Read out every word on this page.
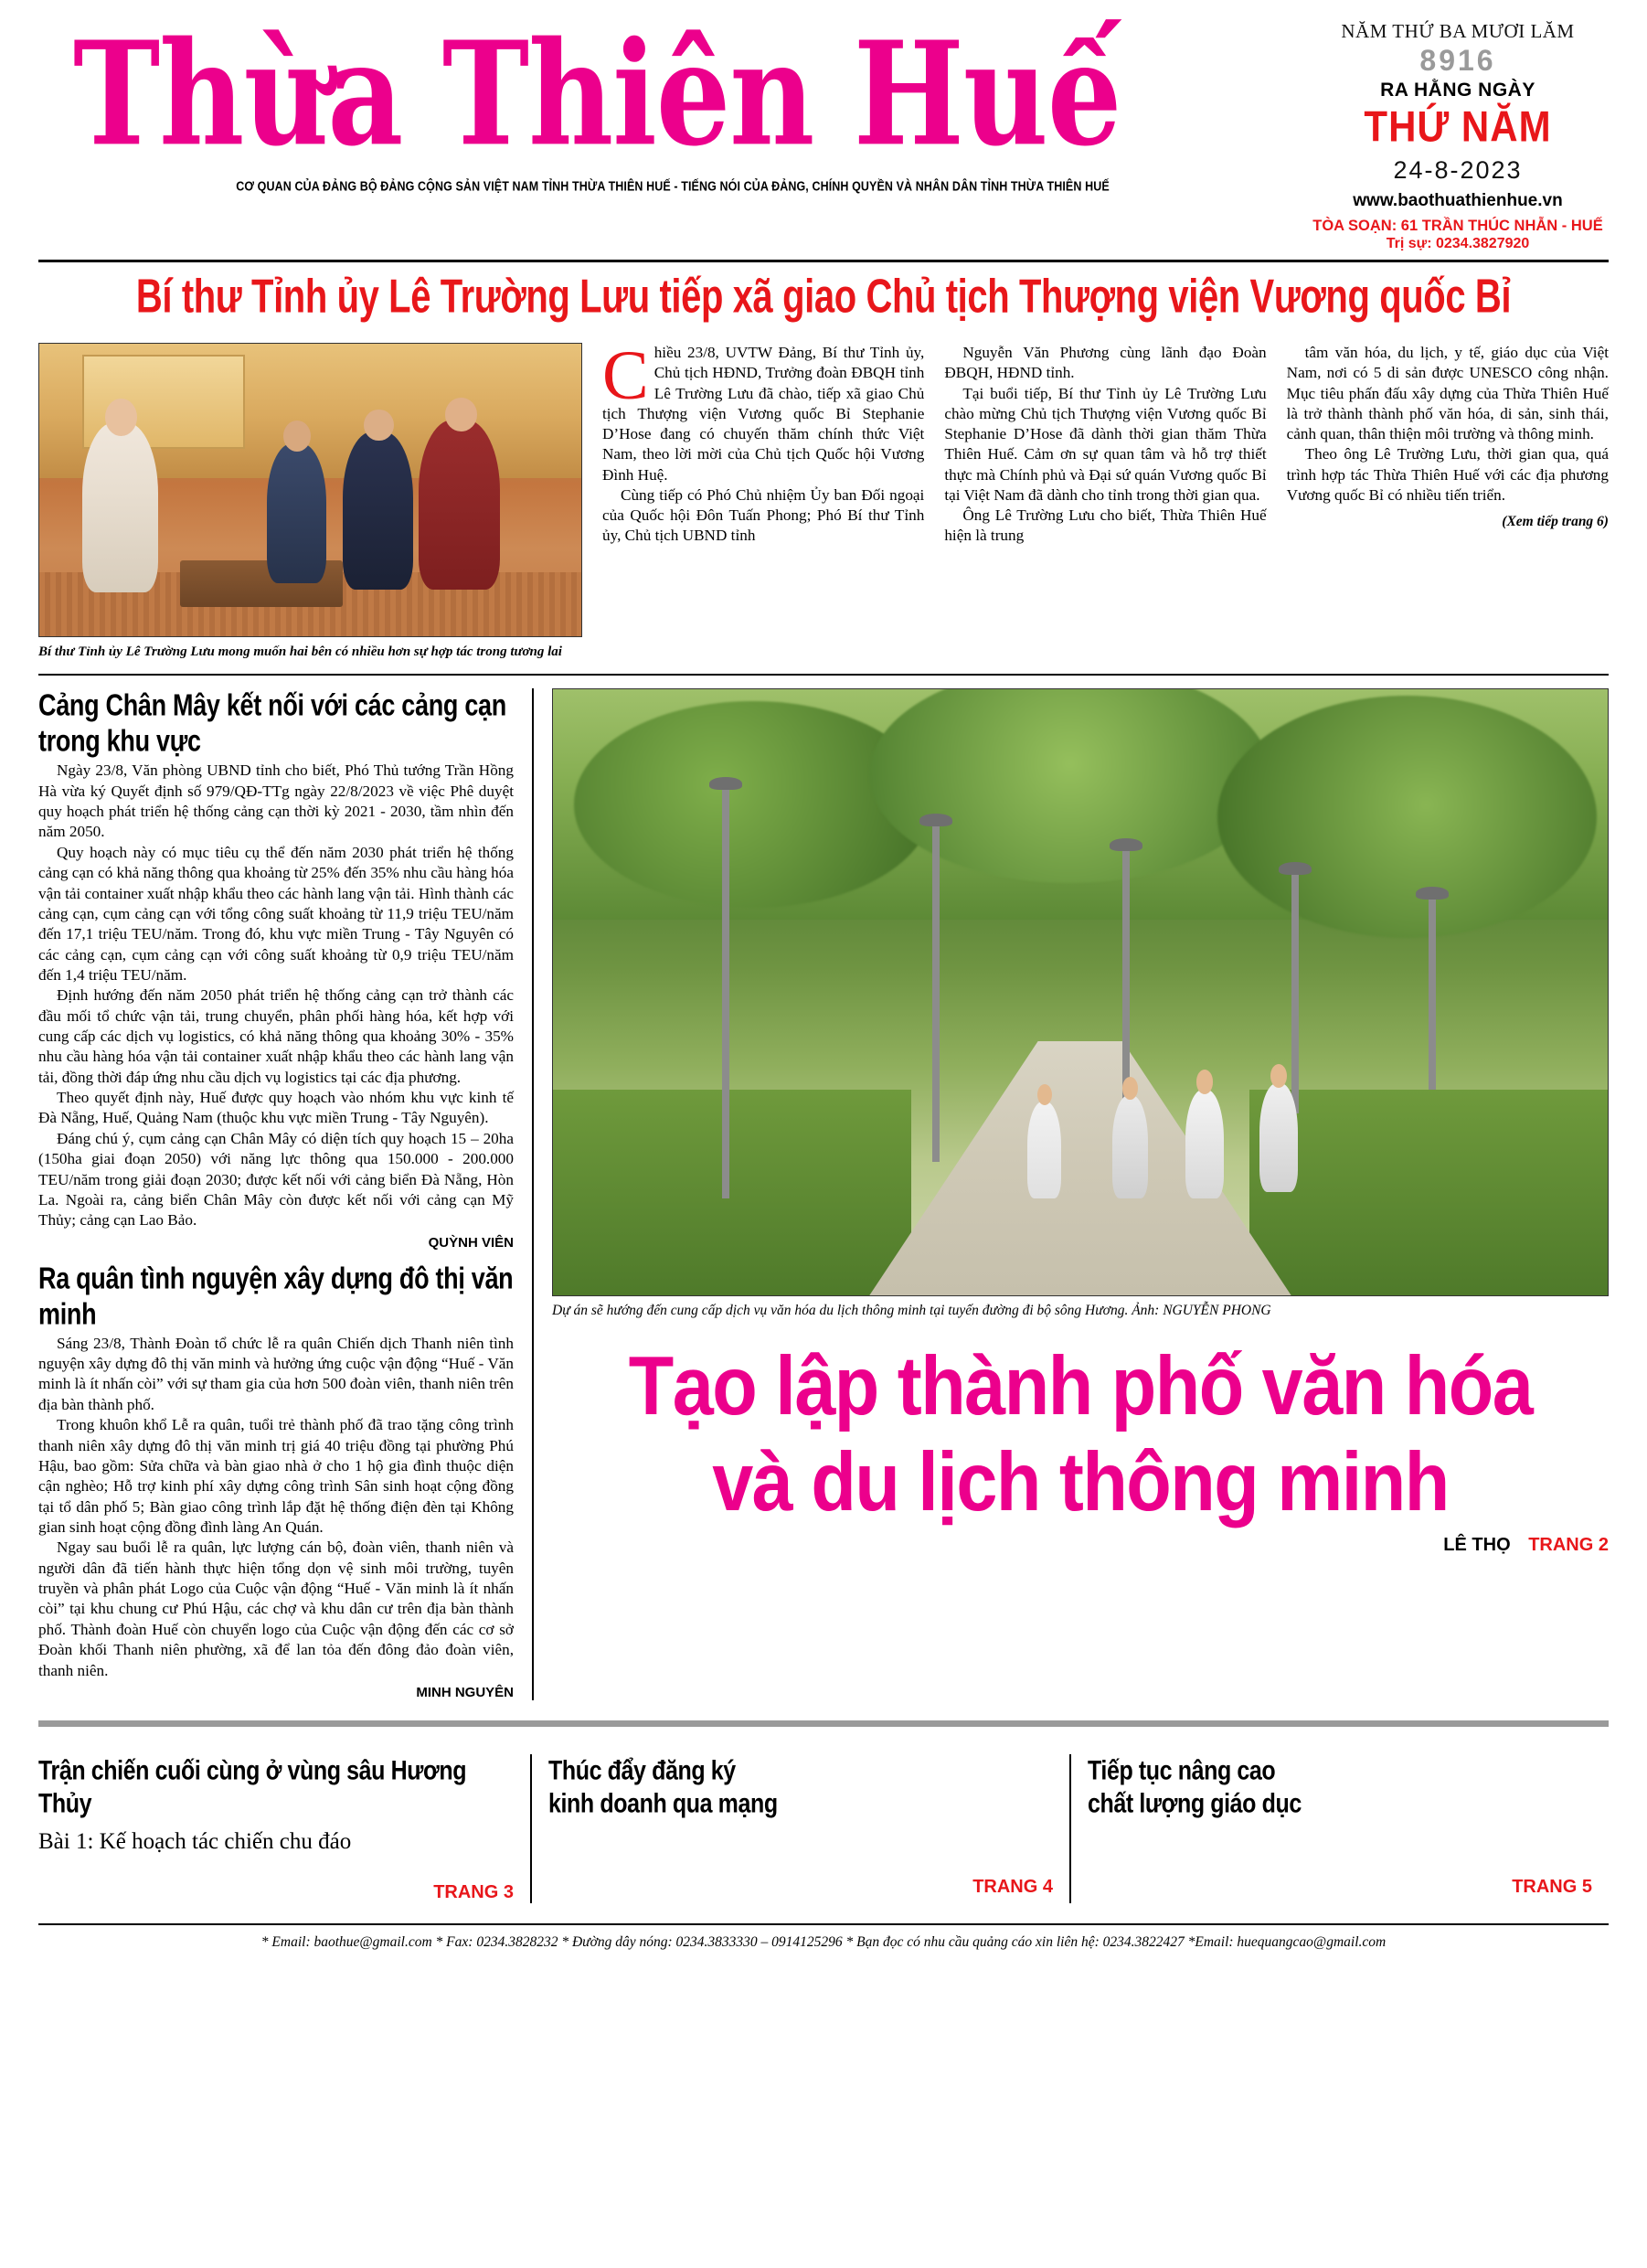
Thừa Thiên Huế
CƠ QUAN CỦA ĐẢNG BỘ ĐẢNG CỘNG SẢN VIỆT NAM TỈNH THỪA THIÊN HUẾ - TIẾNG NÓI CỦA ĐẢNG, CHÍNH QUYỀN VÀ NHÂN DÂN TỈNH THỪA THIÊN HUẾ
NĂM THỨ BA MƯƠI LĂM
8916
RA HẰNG NGÀY
THỨ NĂM
24-8-2023
www.baothuathienhue.vn
TÒA SOẠN: 61 TRẦN THÚC NHẪN - HUẾ
Trị sự: 0234.3827920
Bí thư Tỉnh ủy Lê Trường Lưu tiếp xã giao Chủ tịch Thượng viện Vương quốc Bỉ
Bí thư Tỉnh ủy Lê Trường Lưu mong muốn hai bên có nhiều hơn sự hợp tác trong tương lai

Chiều 23/8, UVTW Đảng, Bí thư Tỉnh ủy, Chủ tịch HĐND, Trưởng đoàn ĐBQH tỉnh Lê Trường Lưu đã chào, tiếp xã giao Chủ tịch Thượng viện Vương quốc Bỉ Stephanie D’Hose đang có chuyến thăm chính thức Việt Nam, theo lời mời của Chủ tịch Quốc hội Vương Đình Huệ.

Cùng tiếp có Phó Chủ nhiệm Ủy ban Đối ngoại của Quốc hội Đôn Tuấn Phong; Phó Bí thư Tỉnh ủy, Chủ tịch UBND tỉnh

Nguyễn Văn Phương cùng lãnh đạo Đoàn ĐBQH, HĐND tỉnh.

Tại buổi tiếp, Bí thư Tỉnh ủy Lê Trường Lưu chào mừng Chủ tịch Thượng viện Vương quốc Bỉ Stephanie D’Hose đã dành thời gian thăm Thừa Thiên Huế. Cảm ơn sự quan tâm và hỗ trợ thiết thực mà Chính phủ và Đại sứ quán Vương quốc Bỉ tại Việt Nam đã dành cho tỉnh trong thời gian qua.

Ông Lê Trường Lưu cho biết, Thừa Thiên Huế hiện là trung

tâm văn hóa, du lịch, y tế, giáo dục của Việt Nam, nơi có 5 di sản được UNESCO công nhận. Mục tiêu phấn đấu xây dựng của Thừa Thiên Huế là trở thành thành phố văn hóa, di sản, sinh thái, cảnh quan, thân thiện môi trường và thông minh.

Theo ông Lê Trường Lưu, thời gian qua, quá trình hợp tác Thừa Thiên Huế với các địa phương Vương quốc Bỉ có nhiều tiến triển.

(Xem tiếp trang 6)
Cảng Chân Mây kết nối với các cảng cạn trong khu vực

Ngày 23/8, Văn phòng UBND tỉnh cho biết, Phó Thủ tướng Trần Hồng Hà vừa ký Quyết định số 979/QĐ-TTg ngày 22/8/2023 về việc Phê duyệt quy hoạch phát triển hệ thống cảng cạn thời kỳ 2021 - 2030, tầm nhìn đến năm 2050.

Quy hoạch này có mục tiêu cụ thể đến năm 2030 phát triển hệ thống cảng cạn có khả năng thông qua khoảng từ 25% đến 35% nhu cầu hàng hóa vận tải container xuất nhập khẩu theo các hành lang vận tải. Hình thành các cảng cạn, cụm cảng cạn với tổng công suất khoảng từ 11,9 triệu TEU/năm đến 17,1 triệu TEU/năm. Trong đó, khu vực miền Trung - Tây Nguyên có các cảng cạn, cụm cảng cạn với công suất khoảng từ 0,9 triệu TEU/năm đến 1,4 triệu TEU/năm.

Định hướng đến năm 2050 phát triển hệ thống cảng cạn trở thành các đầu mối tổ chức vận tải, trung chuyển, phân phối hàng hóa, kết hợp với cung cấp các dịch vụ logistics, có khả năng thông qua khoảng 30% - 35% nhu cầu hàng hóa vận tải container xuất nhập khẩu theo các hành lang vận tải, đồng thời đáp ứng nhu cầu dịch vụ logistics tại các địa phương.

Theo quyết định này, Huế được quy hoạch vào nhóm khu vực kinh tế Đà Nẵng, Huế, Quảng Nam (thuộc khu vực miền Trung - Tây Nguyên).

Đáng chú ý, cụm cảng cạn Chân Mây có diện tích quy hoạch 15 – 20ha (150ha giai đoạn 2050) với năng lực thông qua 150.000 - 200.000 TEU/năm trong giải đoạn 2030; được kết nối với cảng biển Đà Nẵng, Hòn La. Ngoài ra, cảng biển Chân Mây còn được kết nối với cảng cạn Mỹ Thủy; cảng cạn Lao Bảo.

QUỲNH VIÊN
Ra quân tình nguyện xây dựng đô thị văn minh

Sáng 23/8, Thành Đoàn tổ chức lễ ra quân Chiến dịch Thanh niên tình nguyện xây dựng đô thị văn minh và hưởng ứng cuộc vận động “Huế - Văn minh là ít nhấn còi” với sự tham gia của hơn 500 đoàn viên, thanh niên trên địa bàn thành phố.

Trong khuôn khổ Lễ ra quân, tuổi trẻ thành phố đã trao tặng công trình thanh niên xây dựng đô thị văn minh trị giá 40 triệu đồng tại phường Phú Hậu, bao gồm: Sửa chữa và bàn giao nhà ở cho 1 hộ gia đình thuộc diện cận nghèo; Hỗ trợ kinh phí xây dựng công trình Sân sinh hoạt cộng đồng tại tổ dân phố 5; Bàn giao công trình lắp đặt hệ thống điện đèn tại Không gian sinh hoạt cộng đồng đình làng An Quán.

Ngay sau buổi lễ ra quân, lực lượng cán bộ, đoàn viên, thanh niên và người dân đã tiến hành thực hiện tổng dọn vệ sinh môi trường, tuyên truyền và phân phát Logo của Cuộc vận động “Huế - Văn minh là ít nhấn còi” tại khu chung cư Phú Hậu, các chợ và khu dân cư trên địa bàn thành phố. Thành đoàn Huế còn chuyển logo của Cuộc vận động đến các cơ sở Đoàn khối Thanh niên phường, xã để lan tỏa đến đông đảo đoàn viên, thanh niên.

MINH NGUYÊN
Dự án sẽ hướng đến cung cấp dịch vụ văn hóa du lịch thông minh tại tuyến đường đi bộ sông Hương. Ảnh: NGUYỄN PHONG
Tạo lập thành phố văn hóa
và du lịch thông minh
LÊ THỌ TRANG 2
Trận chiến cuối cùng ở vùng sâu Hương Thủy
Bài 1: Kế hoạch tác chiến chu đáo
TRANG 3
Thúc đẩy đăng ký
kinh doanh qua mạng
TRANG 4
Tiếp tục nâng cao
chất lượng giáo dục
TRANG 5
* Email: baothue@gmail.com * Fax: 0234.3828232 * Đường dây nóng: 0234.3833330 – 0914125296 * Bạn đọc có nhu cầu quảng cáo xin liên hệ: 0234.3822427 *Email: huequangcao@gmail.com
